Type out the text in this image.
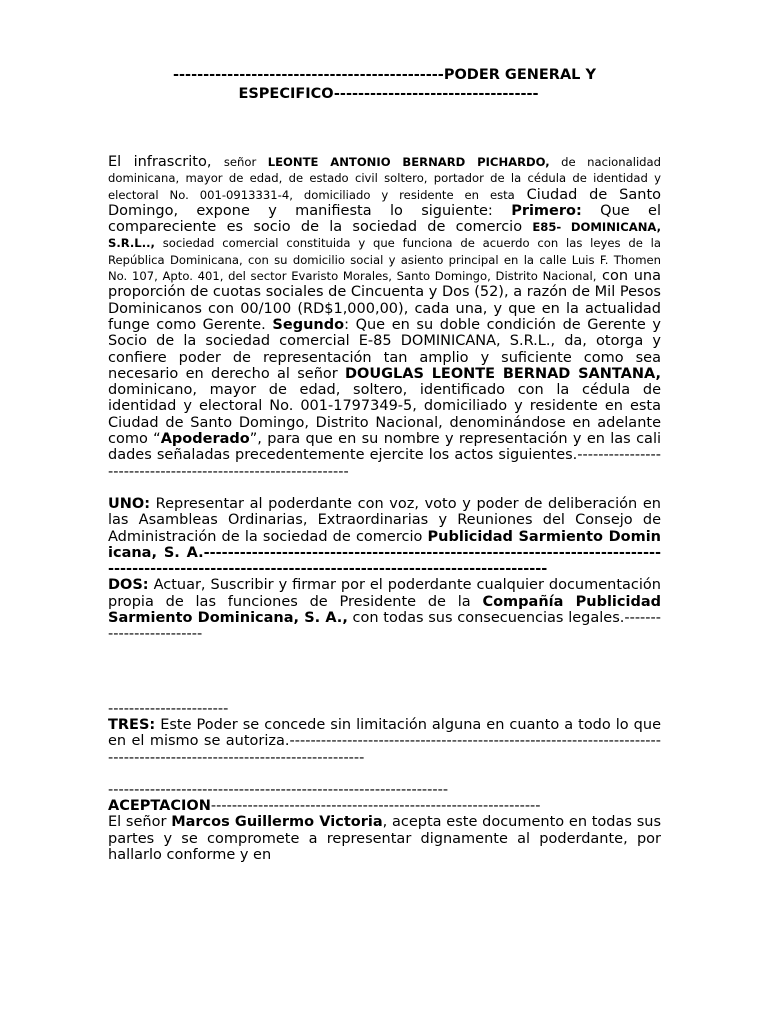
---------------------------------------------PODER GENERAL Y
ESPECIFICO----------------------------------

El infrascrito, señor LEONTE ANTONIO BERNARD PICHARDO, de nacionalidad dominicana, mayor de edad, de estado civil soltero, portador de la cédula de identidad y electoral No. 001-0913331-4, domiciliado y residente en esta Ciudad de Santo Domingo, expone y manifiesta lo siguiente: Primero: Que el compareciente es socio de la sociedad de comercio E85- DOMINICANA, S.R.L.., sociedad comercial constituida y que funciona de acuerdo con las leyes de la República Dominicana, con su domicilio social y asiento principal en la calle Luis F. Thomen No. 107, Apto. 401, del sector Evaristo Morales, Santo Domingo, Distrito Nacional, con una proporción de cuotas sociales de Cincuenta y Dos (52), a razón de Mil Pesos Dominicanos con 00/100 (RD$1,000,00), cada una, y que en la actualidad funge como Gerente. Segundo: Que en su doble condición de Gerente y Socio de la sociedad comercial E-85 DOMINICANA, S.R.L., da, otorga y confiere poder de representación tan amplio y suficiente como sea necesario en derecho al señor DOUGLAS LEONTE BERNAD SANTANA, dominicano, mayor de edad, soltero, identificado con la cédula de identidad y electoral No. 001-1797349-5, domiciliado y residente en esta Ciudad de Santo Domingo, Distrito Nacional, denominándose en adelante como “Apoderado”, para que en su nombre y representación y en las calidades señaladas precedentemente ejercite los actos siguientes.--------------------------------------------------------------

UNO: Representar al poderdante con voz, voto y poder de deliberación en las Asambleas Ordinarias, Extraordinarias y Reuniones del Consejo de Administración de la sociedad de comercio Publicidad Sarmiento Dominicana, S. A.-----------------------------------------------------------------------------------------------------------------------------------------------------

DOS: Actuar, Suscribir y firmar por el poderdante cualquier documentación propia de las funciones de Presidente de la Compañía Publicidad Sarmiento Dominicana, S. A., con todas sus consecuencias legales.-------------------------

-----------------------

TRES: Este Poder se concede sin limitación alguna en cuanto a todo lo que en el mismo se autoriza.------------------------------------------------------------------------------------------------------------------------

-----------------------------------------------------------------

ACEPTACION---------------------------------------------------------------

El señor Marcos Guillermo Victoria, acepta este documento en todas sus partes y se compromete a representar dignamente al poderdante, por hallarlo conforme y en
